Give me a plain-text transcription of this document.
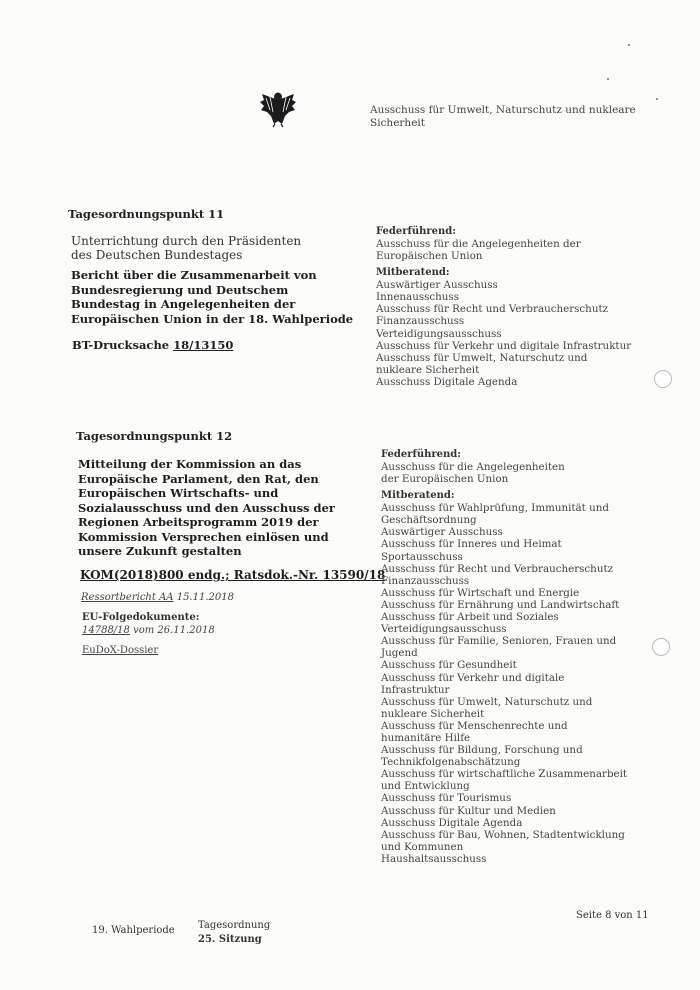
Ausschuss für Umwelt, Naturschutz und nukleare Sicherheit
Tagesordnungspunkt 11
Unterrichtung durch den Präsidenten des Deutschen Bundestages
Bericht über die Zusammenarbeit von Bundesregierung und Deutschem Bundestag in Angelegenheiten der Europäischen Union in der 18. Wahlperiode
BT-Drucksache 18/13150
Federführend:
Ausschuss für die Angelegenheiten der Europäischen Union
Mitberatend:
Auswärtiger Ausschuss
Innenausschuss
Ausschuss für Recht und Verbraucherschutz
Finanzausschuss
Verteidigungsausschuss
Ausschuss für Verkehr und digitale Infrastruktur
Ausschuss für Umwelt, Naturschutz und nukleare Sicherheit
Ausschuss Digitale Agenda
Tagesordnungspunkt 12
Mitteilung der Kommission an das Europäische Parlament, den Rat, den Europäischen Wirtschafts- und Sozialausschuss und den Ausschuss der Regionen Arbeitsprogramm 2019 der Kommission Versprechen einlösen und unsere Zukunft gestalten
KOM(2018)800 endg.; Ratsdok.-Nr. 13590/18
Ressortbericht AA 15.11.2018
EU-Folgedokumente:
14788/18 vom 26.11.2018
EuDoX-Dossier
Federführend:
Ausschuss für die Angelegenheiten der Europäischen Union
Mitberatend:
Ausschuss für Wahlprüfung, Immunität und Geschäftsordnung
Auswärtiger Ausschuss
Ausschuss für Inneres und Heimat
Sportausschuss
Ausschuss für Recht und Verbraucherschutz
Finanzausschuss
Ausschuss für Wirtschaft und Energie
Ausschuss für Ernährung und Landwirtschaft
Ausschuss für Arbeit und Soziales
Verteidigungsausschuss
Ausschuss für Familie, Senioren, Frauen und Jugend
Ausschuss für Gesundheit
Ausschuss für Verkehr und digitale Infrastruktur
Ausschuss für Umwelt, Naturschutz und nukleare Sicherheit
Ausschuss für Menschenrechte und humanitäre Hilfe
Ausschuss für Bildung, Forschung und Technikfolgenabschätzung
Ausschuss für wirtschaftliche Zusammenarbeit und Entwicklung
Ausschuss für Tourismus
Ausschuss für Kultur und Medien
Ausschuss Digitale Agenda
Ausschuss für Bau, Wohnen, Stadtentwicklung und Kommunen
Haushaltsausschuss
19. Wahlperiode Tagesordnung
25. Sitzung
Seite 8 von 11
